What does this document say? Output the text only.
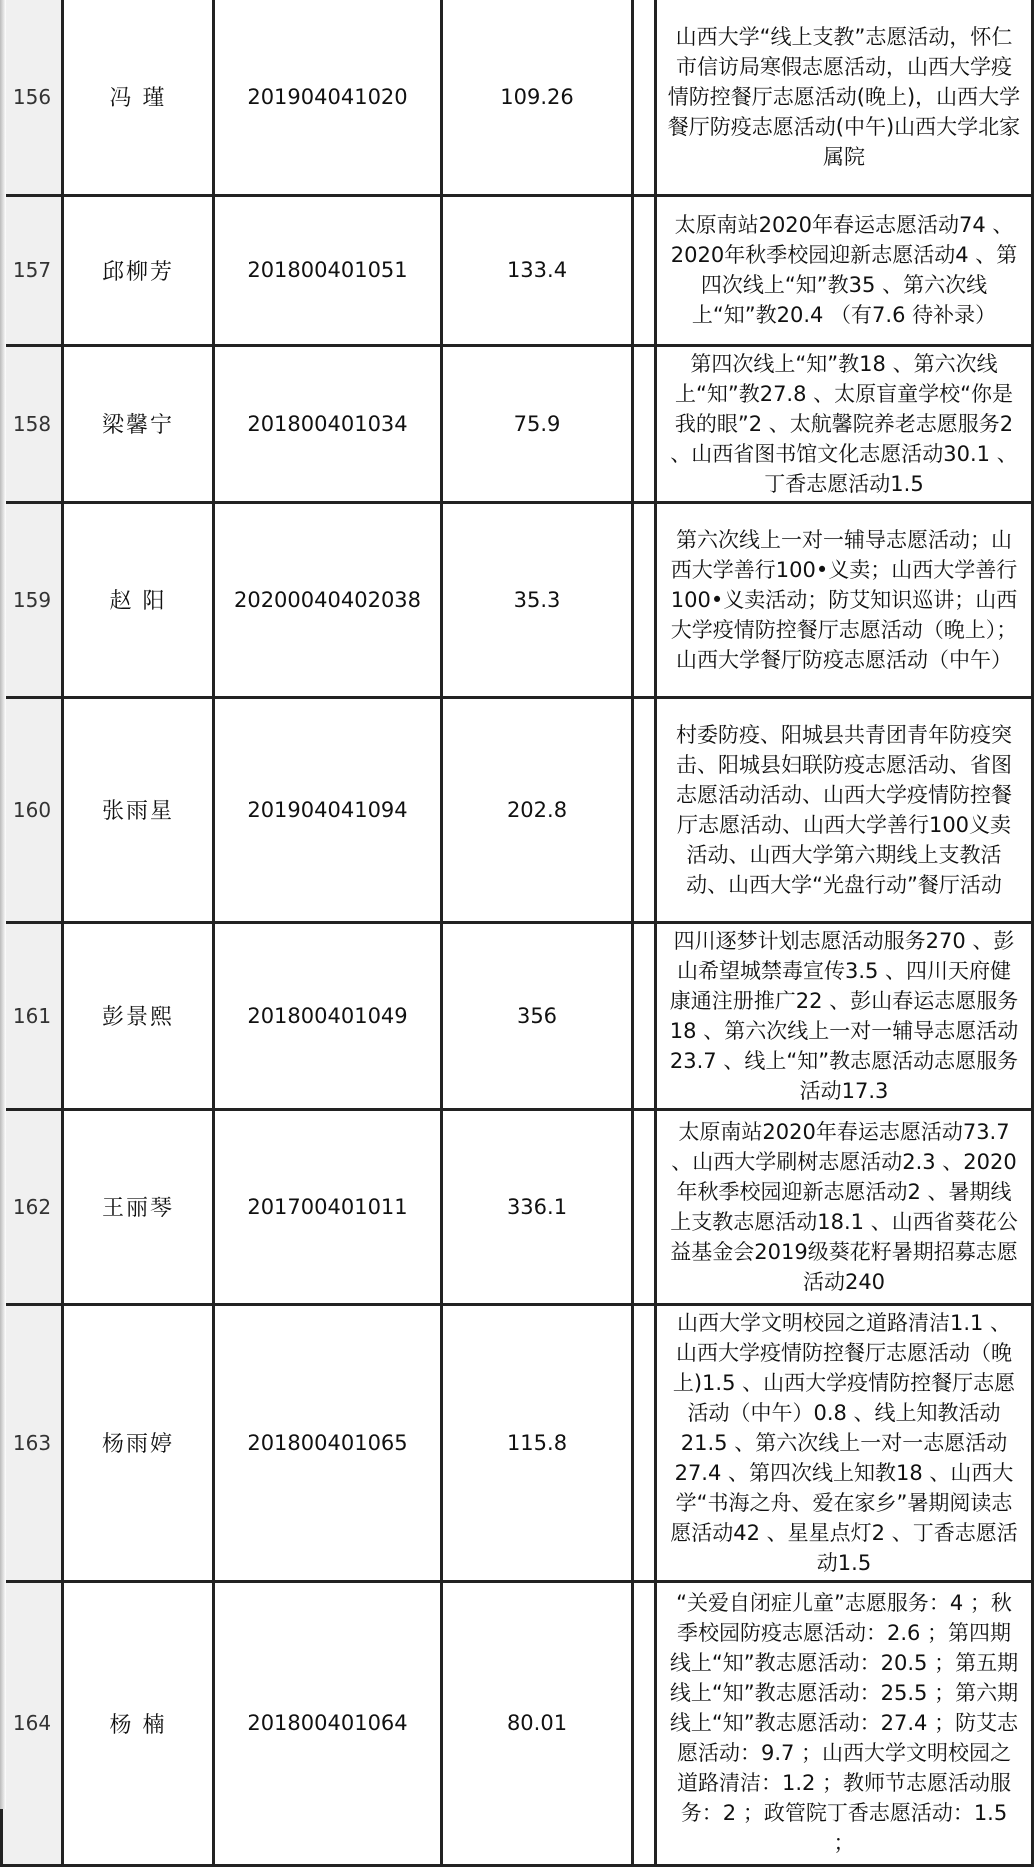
156	冯 瑾	201904041020	109.26		山西大学“线上支教”志愿活动，怀仁市信访局寒假志愿活动，山西大学疫情防控餐厅志愿活动(晚上)，山西大学餐厅防疫志愿活动(中午)山西大学北家属院
157	邱柳芳	201800401051	133.4		太原南站2020年春运志愿活动74 、2020年秋季校园迎新志愿活动4 、第四次线上“知”教35 、第六次线上“知”教20.4 （有7.6 待补录）
158	梁馨宁	201800401034	75.9		第四次线上“知”教18 、第六次线上“知”教27.8 、太原盲童学校“你是我的眼”2 、太航馨院养老志愿服务2 、山西省图书馆文化志愿活动30.1 、丁香志愿活动1.5
159	赵 阳	20200040402038	35.3		第六次线上一对一辅导志愿活动；山西大学善行100•义卖；山西大学善行100•义卖活动；防艾知识巡讲；山西大学疫情防控餐厅志愿活动（晚上）；山西大学餐厅防疫志愿活动（中午）
160	张雨星	201904041094	202.8		村委防疫、阳城县共青团青年防疫突击、阳城县妇联防疫志愿活动、省图志愿活动活动、山西大学疫情防控餐厅志愿活动、山西大学善行100义卖活动、山西大学第六期线上支教活动、山西大学“光盘行动”餐厅活动
161	彭景熙	201800401049	356		四川逐梦计划志愿活动服务270 、彭山希望城禁毒宣传3.5 、四川天府健康通注册推广22 、彭山春运志愿服务18 、第六次线上一对一辅导志愿活动23.7 、线上“知”教志愿活动志愿服务活动17.3
162	王丽琴	201700401011	336.1		太原南站2020年春运志愿活动73.7 、山西大学刷树志愿活动2.3 、2020年秋季校园迎新志愿活动2 、暑期线上支教志愿活动18.1 、山西省葵花公益基金会2019级葵花籽暑期招募志愿活动240
163	杨雨婷	201800401065	115.8		山西大学文明校园之道路清洁1.1 、山西大学疫情防控餐厅志愿活动（晚上)1.5 、山西大学疫情防控餐厅志愿活动（中午）0.8 、线上知教活动21.5 、第六次线上一对一志愿活动27.4 、第四次线上知教18 、山西大学“书海之舟、爱在家乡”暑期阅读志愿活动42 、星星点灯2 、丁香志愿活动1.5
164	杨 楠	201800401064	80.01		“关爱自闭症儿童”志愿服务：4 ；秋季校园防疫志愿活动：2.6 ；第四期线上“知”教志愿活动：20.5 ；第五期线上“知”教志愿活动：25.5 ；第六期线上“知”教志愿活动：27.4 ；防艾志愿活动：9.7 ；山西大学文明校园之道路清洁：1.2 ；教师节志愿活动服务：2 ；政管院丁香志愿活动：1.5 ；
